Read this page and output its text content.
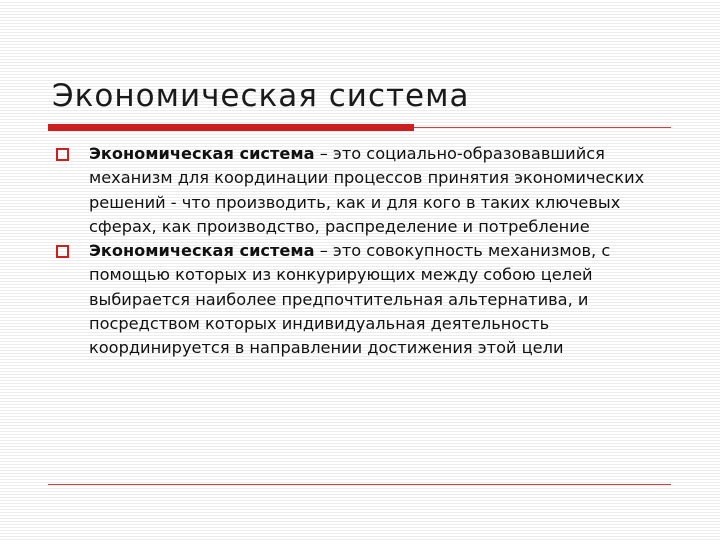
Экономическая система
Экономическая система – это социально-образовавшийся механизм для координации процессов принятия экономических решений - что производить, как и для кого в таких ключевых сферах, как производство, распределение и потребление
Экономическая система – это совокупность механизмов, с помощью которых из конкурирующих между собою целей выбирается наиболее предпочтительная альтернатива, и посредством которых индивидуальная деятельность координируется в направлении достижения этой цели
